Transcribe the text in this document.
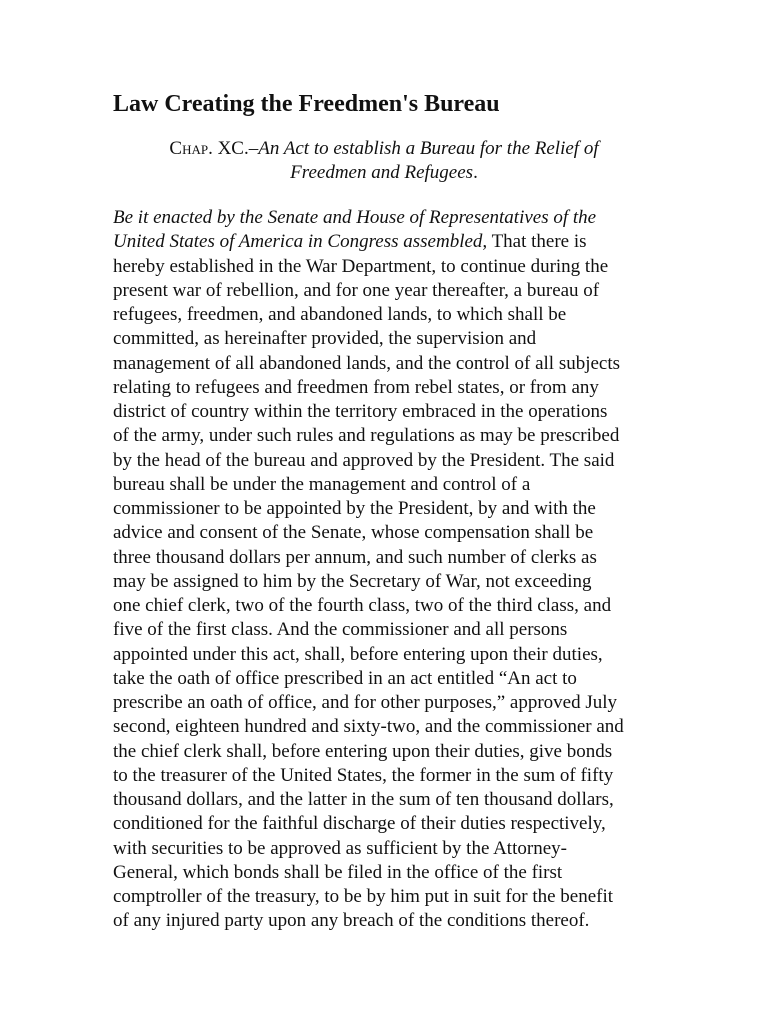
Law Creating the Freedmen's Bureau

Chap. XC.–An Act to establish a Bureau for the Relief of
Freedmen and Refugees.

Be it enacted by the Senate and House of Representatives of the
United States of America in Congress assembled, That there is
hereby established in the War Department, to continue during the
present war of rebellion, and for one year thereafter, a bureau of
refugees, freedmen, and abandoned lands, to which shall be
committed, as hereinafter provided, the supervision and
management of all abandoned lands, and the control of all subjects
relating to refugees and freedmen from rebel states, or from any
district of country within the territory embraced in the operations
of the army, under such rules and regulations as may be prescribed
by the head of the bureau and approved by the President. The said
bureau shall be under the management and control of a
commissioner to be appointed by the President, by and with the
advice and consent of the Senate, whose compensation shall be
three thousand dollars per annum, and such number of clerks as
may be assigned to him by the Secretary of War, not exceeding
one chief clerk, two of the fourth class, two of the third class, and
five of the first class. And the commissioner and all persons
appointed under this act, shall, before entering upon their duties,
take the oath of office prescribed in an act entitled “An act to
prescribe an oath of office, and for other purposes,” approved July
second, eighteen hundred and sixty-two, and the commissioner and
the chief clerk shall, before entering upon their duties, give bonds
to the treasurer of the United States, the former in the sum of fifty
thousand dollars, and the latter in the sum of ten thousand dollars,
conditioned for the faithful discharge of their duties respectively,
with securities to be approved as sufficient by the Attorney-
General, which bonds shall be filed in the office of the first
comptroller of the treasury, to be by him put in suit for the benefit
of any injured party upon any breach of the conditions thereof.
